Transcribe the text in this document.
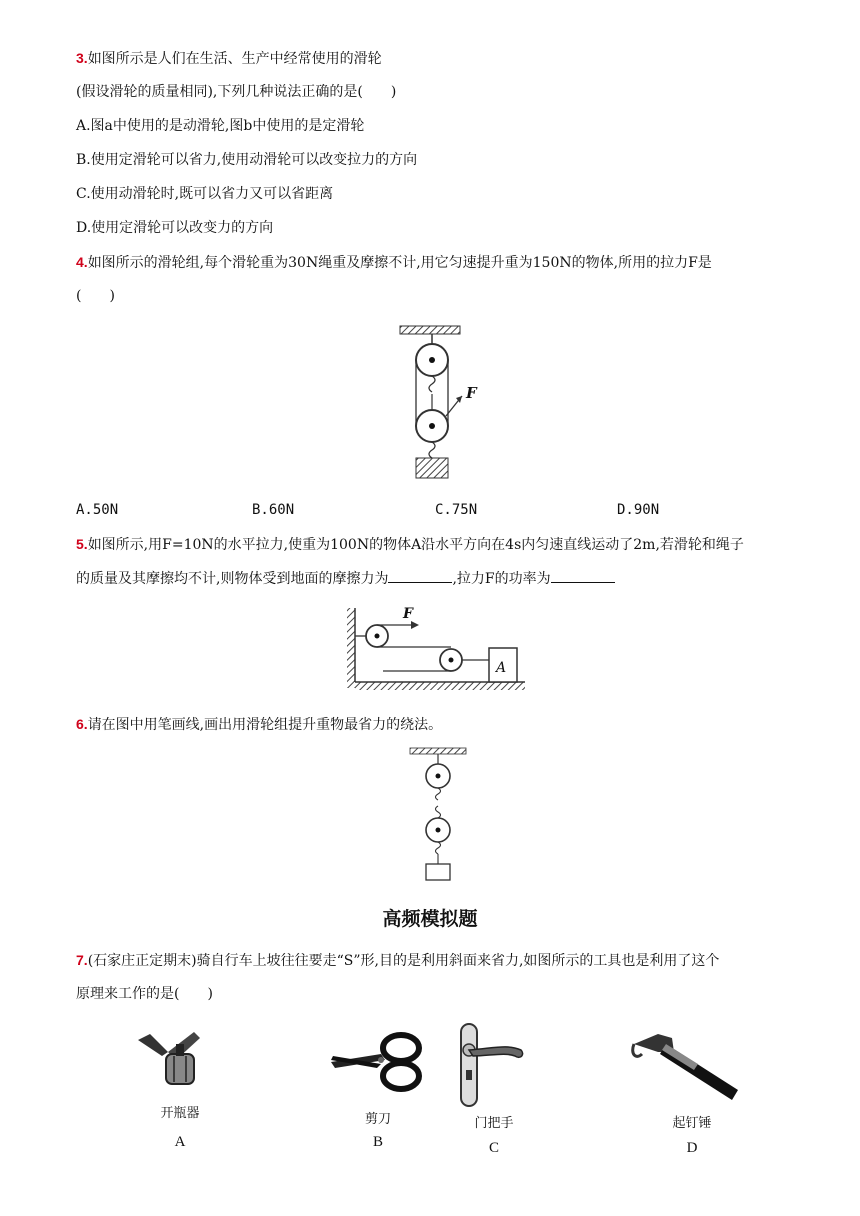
3.如图所示是人们在生活、生产中经常使用的滑轮
(假设滑轮的质量相同),下列几种说法正确的是(　　)
A.图a中使用的是动滑轮,图b中使用的是定滑轮
B.使用定滑轮可以省力,使用动滑轮可以改变拉力的方向
C.使用动滑轮时,既可以省力又可以省距离
D.使用定滑轮可以改变力的方向
4.如图所示的滑轮组,每个滑轮重为30N绳重及摩擦不计,用它匀速提升重为150N的物体,所用的拉力F是
(　　)
F
A.50N	B.60N	C.75N	D.90N
5.如图所示,用F=10N的水平拉力,使重为100N的物体A沿水平方向在4s内匀速直线运动了2m,若滑轮和绳子
的质量及其摩擦均不计,则物体受到地面的摩擦力为	,拉力F的功率为
F
A
6.请在图中用笔画线,画出用滑轮组提升重物最省力的绕法。
高频模拟题
7.(石家庄正定期末)骑自行车上坡往往要走“S”形,目的是利用斜面来省力,如图所示的工具也是利用了这个
原理来工作的是(　　)
开瓶器
A
剪刀
B
门把手
C
起钉锤
D
